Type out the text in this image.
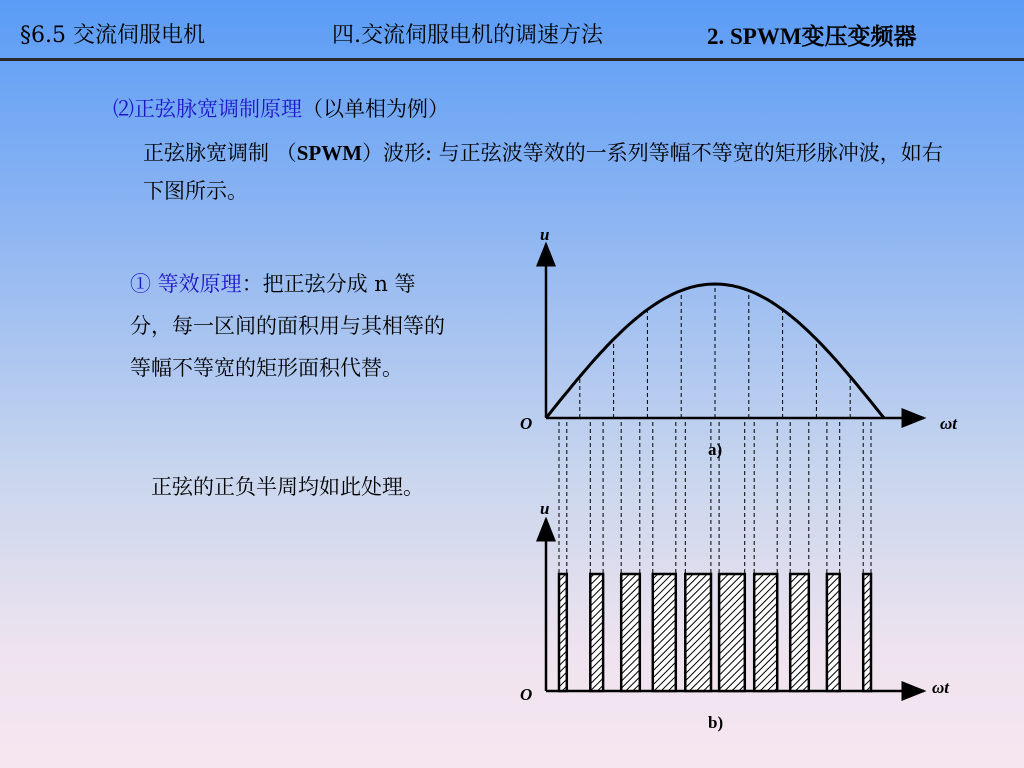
§6.5 交流伺服电机	四.交流伺服电机的调速方法	2. SPWM变压变频器
⑵正弦脉宽调制原理（以单相为例）
正弦脉宽调制 （SPWM）波形: 与正弦波等效的一系列等幅不等宽的矩形脉冲波，如右下图所示。
① 等效原理：把正弦分成 n 等分，每一区间的面积用与其相等的等幅不等宽的矩形面积代替。
　正弦的正负半周均如此处理。
u
O	ωt
a)
u
O	ωt
b)
